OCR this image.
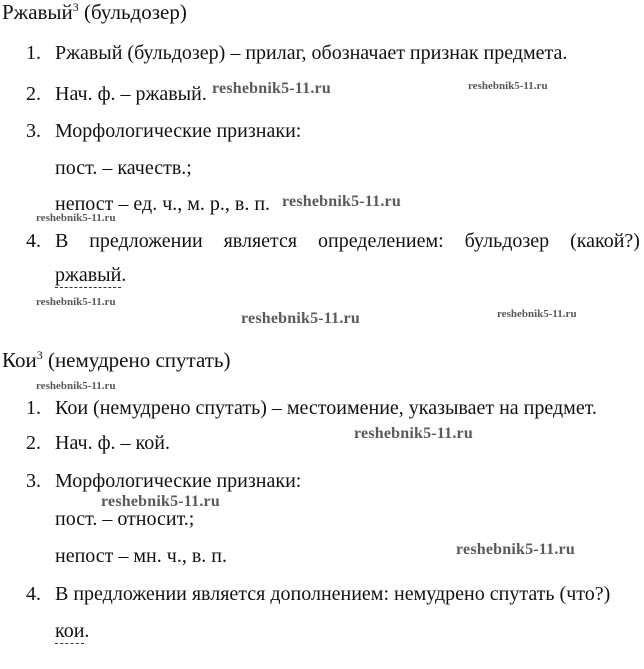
Ржавый$^3$ (бульдозер)
1. Ржавый (бульдозер) – прилаг, обозначает признак предмета.
2. Нач. ф. – ржавый.
3. Морфологические признаки:
пост. – качеств.;
непост – ед. ч., м. р., в. п.
4. В предложении является определением: бульдозер (какой?)
ржавый.
Кои$^3$ (немудрено спутать)
1. Кои (немудрено спутать) – местоимение, указывает на предмет.
2. Нач. ф. – кой.
3. Морфологические признаки:
пост. – относит.;
непост – мн. ч., в. п.
4. В предложении является дополнением: немудрено спутать (что?)
кои.
reshebnik5-11.ru	reshebnik5-11.ru
reshebnik5-11.ru
reshebnik5-11.ru
reshebnik5-11.ru
reshebnik5-11.ru	reshebnik5-11.ru
reshebnik5-11.ru
reshebnik5-11.ru
reshebnik5-11.ru
reshebnik5-11.ru
